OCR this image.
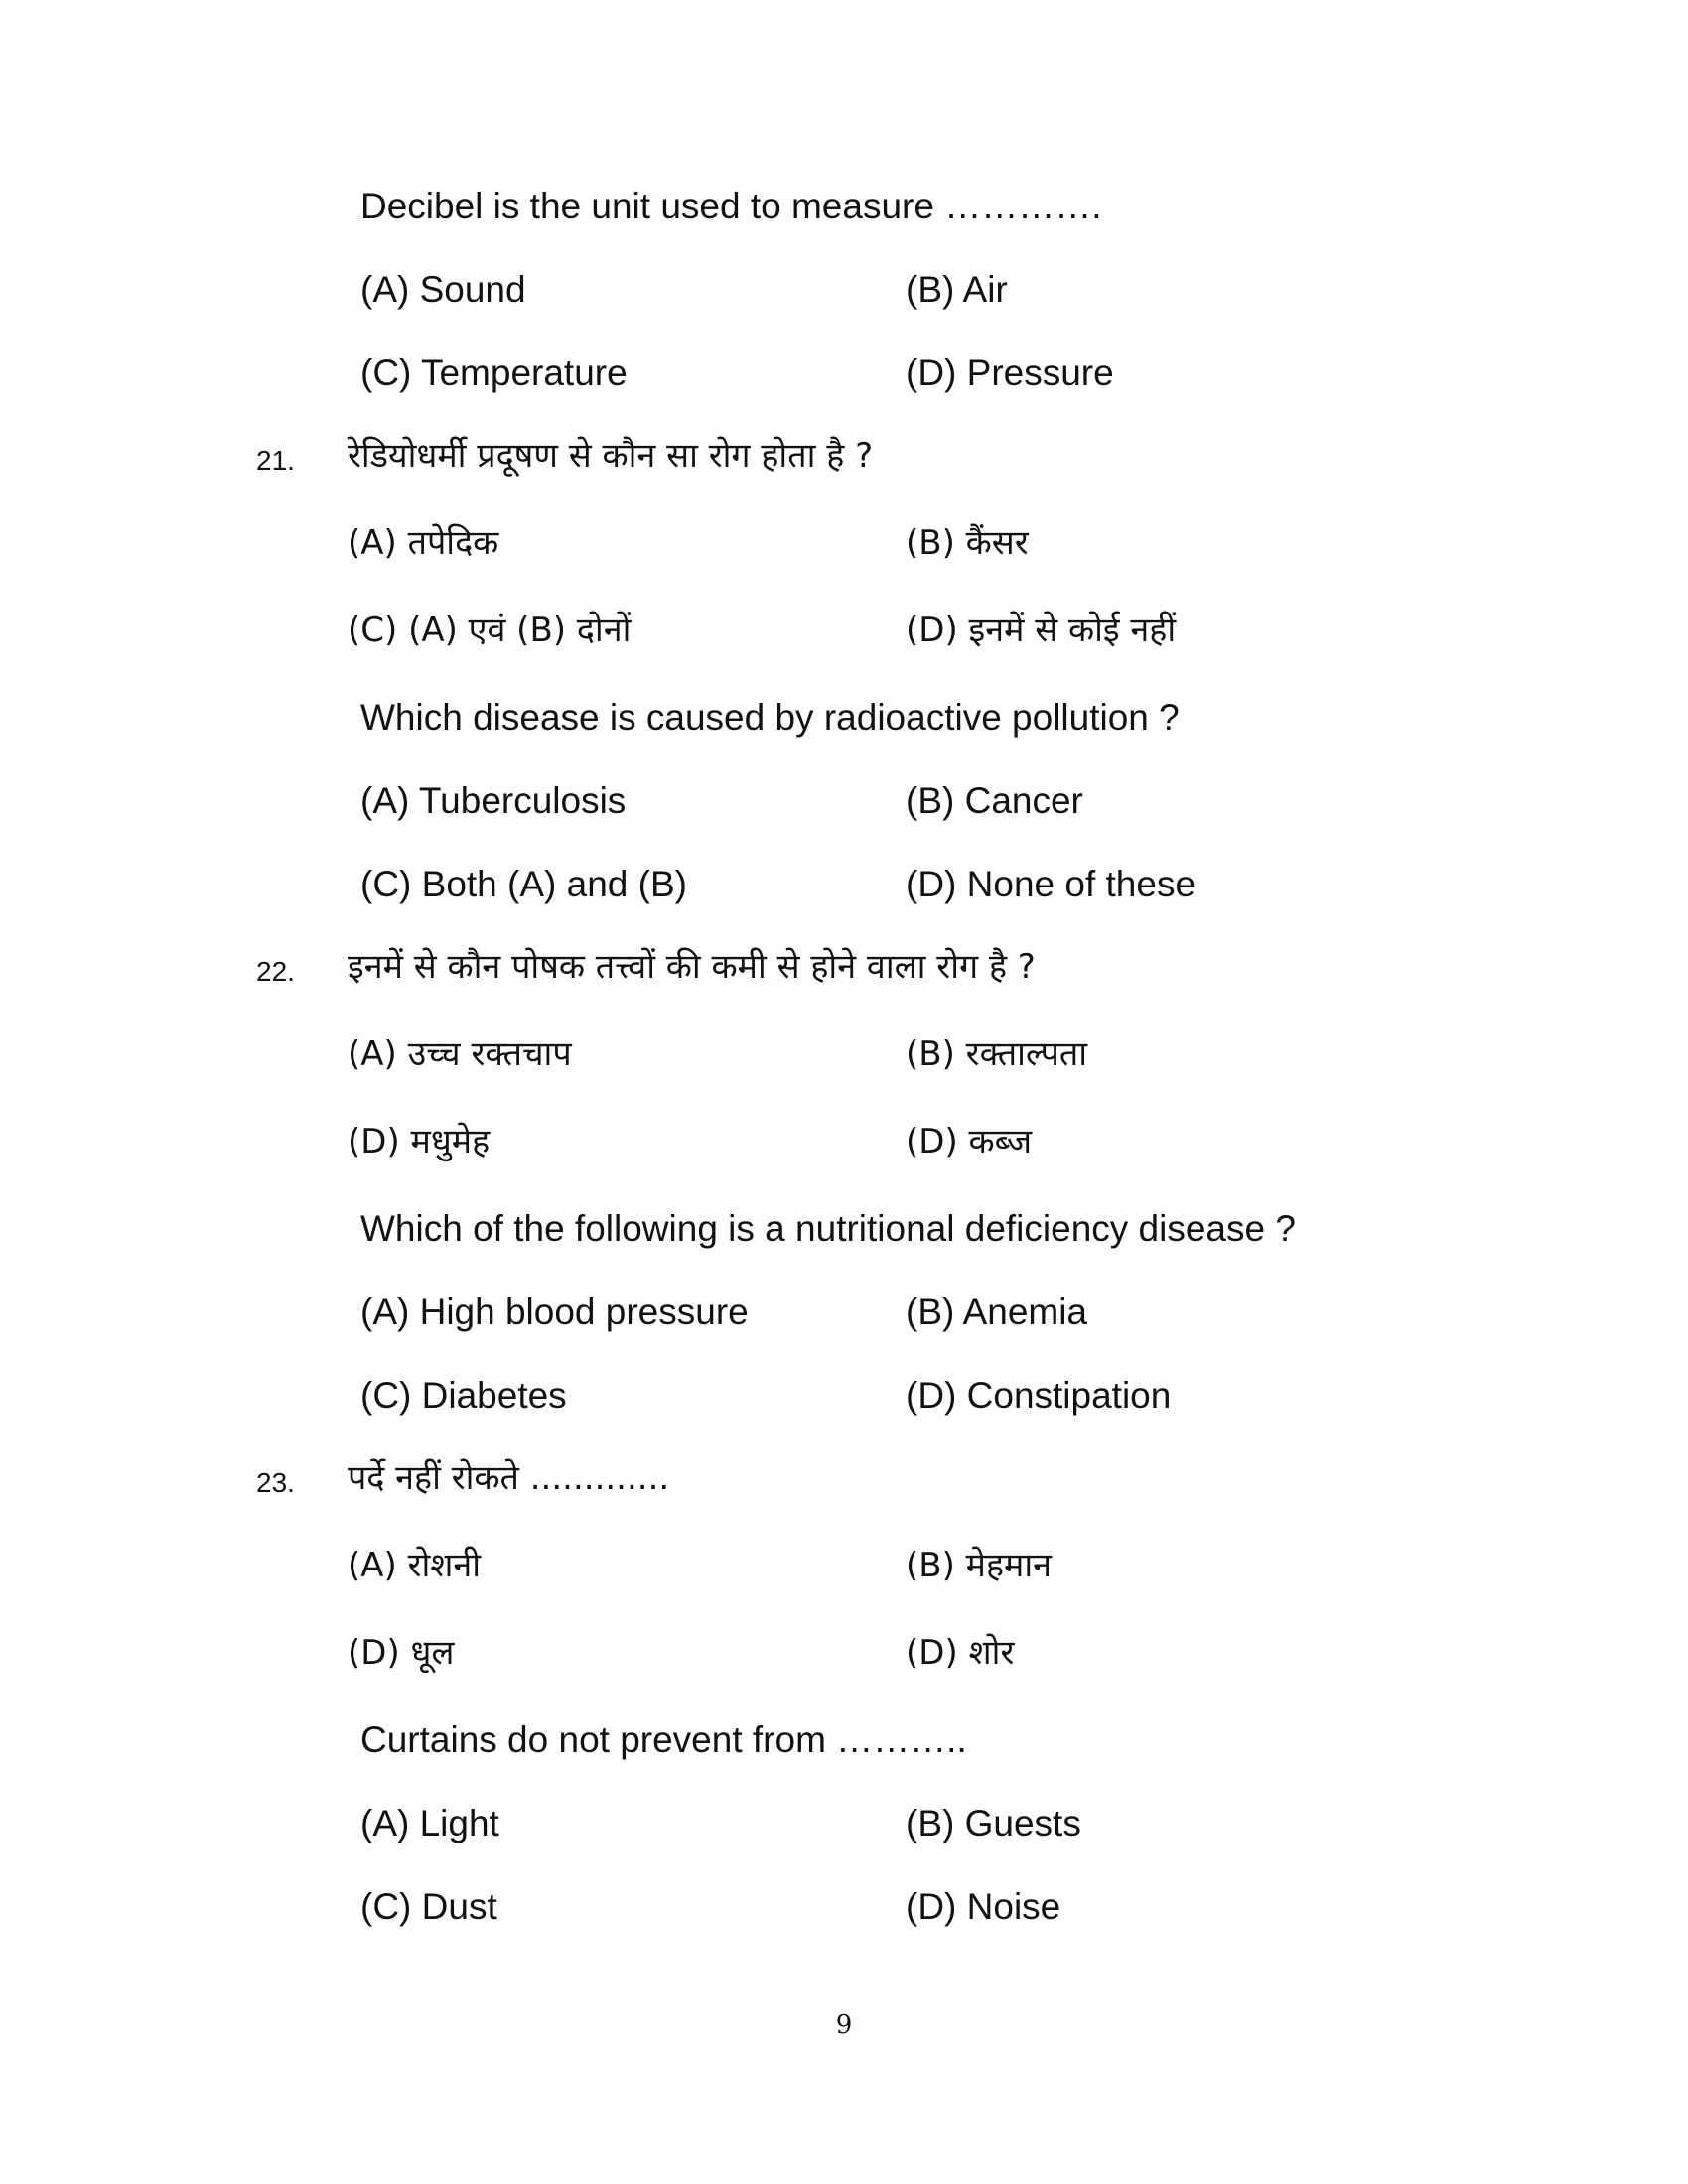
Decibel is the unit used to measure ………….
(A) Sound	(B) Air
(C) Temperature	(D) Pressure
21. रेडियोधर्मी प्रदूषण से कौन सा रोग होता है ?
(A) तपेदिक	(B) कैंसर
(C) (A) एवं (B) दोनों	(D) इनमें से कोई नहीं
Which disease is caused by radioactive pollution ?
(A) Tuberculosis	(B) Cancer
(C) Both (A) and (B)	(D) None of these
22. इनमें से कौन पोषक तत्त्वों की कमी से होने वाला रोग है ?
(A) उच्च रक्तचाप	(B) रक्ताल्पता
(D) मधुमेह	(D) कब्ज
Which of the following is a nutritional deficiency disease ?
(A) High blood pressure	(B) Anemia
(C) Diabetes	(D) Constipation
23. पर्दे नहीं रोकते .............
(A) रोशनी	(B) मेहमान
(D) धूल	(D) शोर
Curtains do not prevent from ………..
(A) Light	(B) Guests
(C) Dust	(D) Noise
9
